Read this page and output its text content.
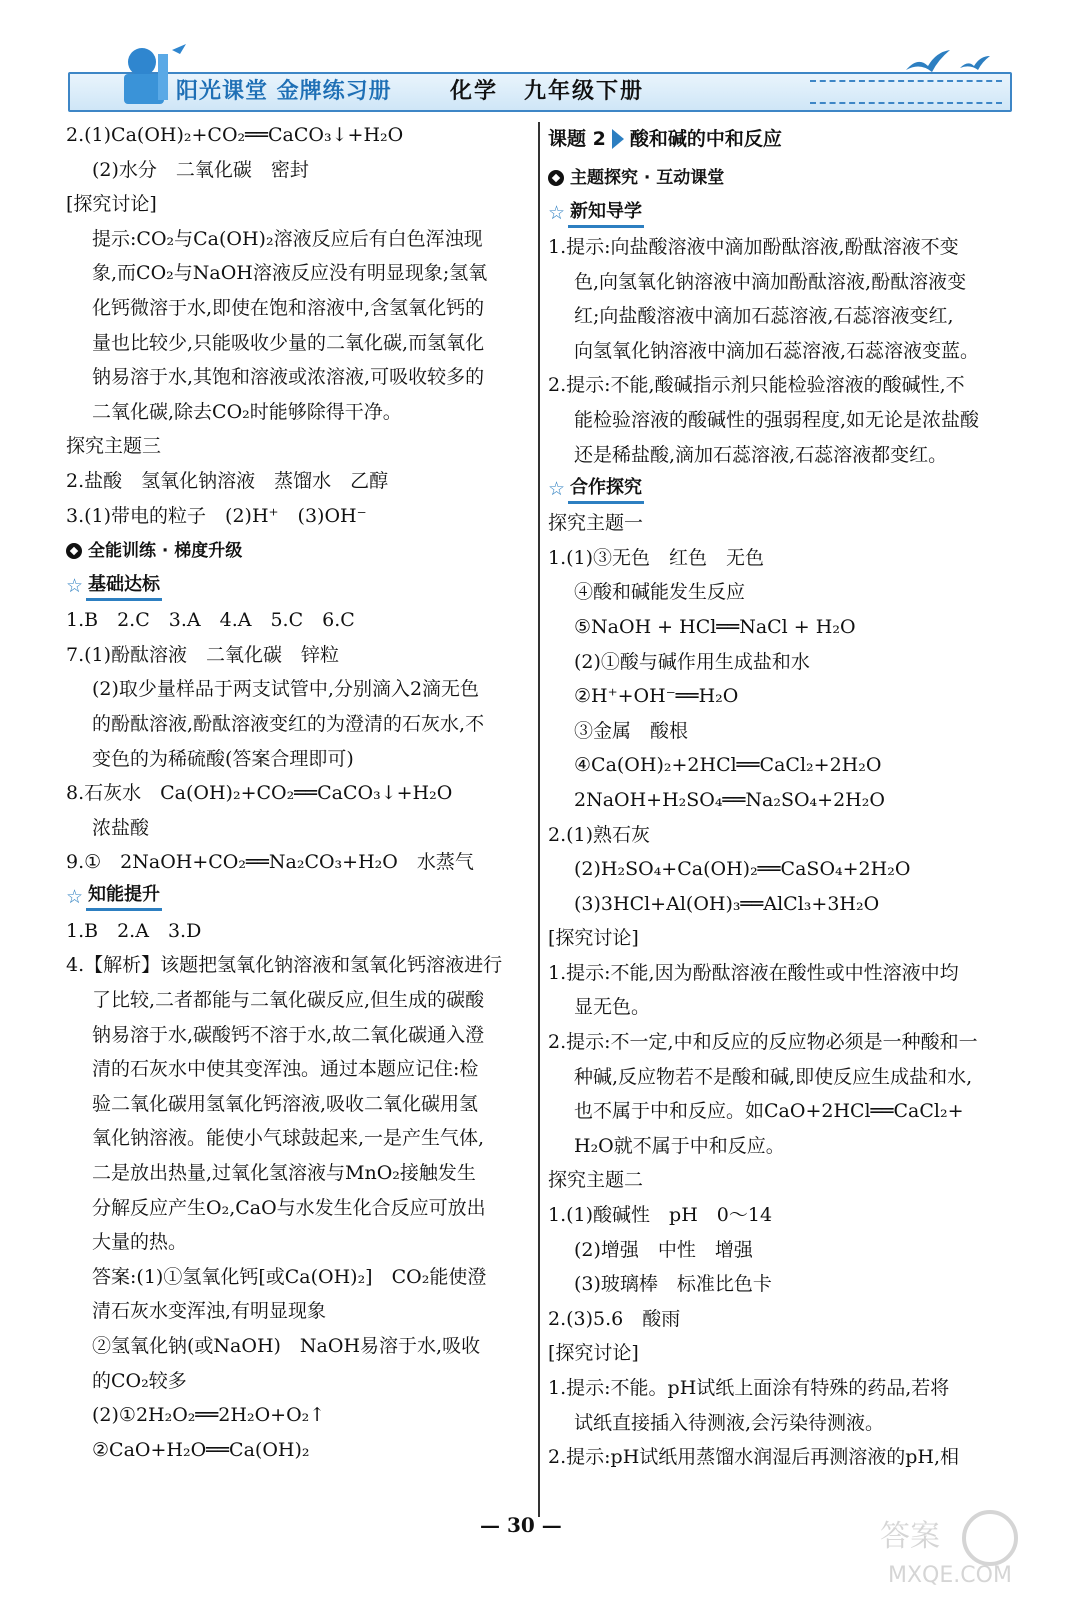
阳光课堂 金牌练习册	化学 九年级下册
2.(1)Ca(OH)₂+CO₂══CaCO₃↓+H₂O
(2)水分　二氧化碳　密封
[探究讨论]
提示:CO₂与Ca(OH)₂溶液反应后有白色浑浊现
象,而CO₂与NaOH溶液反应没有明显现象;氢氧
化钙微溶于水,即使在饱和溶液中,含氢氧化钙的
量也比较少,只能吸收少量的二氧化碳,而氢氧化
钠易溶于水,其饱和溶液或浓溶液,可吸收较多的
二氧化碳,除去CO₂时能够除得干净。
探究主题三
2.盐酸　氢氧化钠溶液　蒸馏水　乙醇
3.(1)带电的粒子　(2)H⁺　(3)OH⁻
全能训练 · 梯度升级
☆ 基础达标
1.B　2.C　3.A　4.A　5.C　6.C
7.(1)酚酞溶液　二氧化碳　锌粒
(2)取少量样品于两支试管中,分别滴入2滴无色
的酚酞溶液,酚酞溶液变红的为澄清的石灰水,不
变色的为稀硫酸(答案合理即可)
8.石灰水　Ca(OH)₂+CO₂══CaCO₃↓+H₂O
浓盐酸
9.①　2NaOH+CO₂══Na₂CO₃+H₂O　水蒸气
☆ 知能提升
1.B　2.A　3.D
4.【解析】该题把氢氧化钠溶液和氢氧化钙溶液进行
了比较,二者都能与二氧化碳反应,但生成的碳酸
钠易溶于水,碳酸钙不溶于水,故二氧化碳通入澄
清的石灰水中使其变浑浊。通过本题应记住:检
验二氧化碳用氢氧化钙溶液,吸收二氧化碳用氢
氧化钠溶液。能使小气球鼓起来,一是产生气体,
二是放出热量,过氧化氢溶液与MnO₂接触发生
分解反应产生O₂,CaO与水发生化合反应可放出
大量的热。
答案:(1)①氢氧化钙[或Ca(OH)₂]　CO₂能使澄
清石灰水变浑浊,有明显现象
②氢氧化钠(或NaOH)　NaOH易溶于水,吸收
的CO₂较多
(2)①2H₂O₂══2H₂O+O₂↑
②CaO+H₂O══Ca(OH)₂
课题 2 酸和碱的中和反应
主题探究 · 互动课堂
☆ 新知导学
1.提示:向盐酸溶液中滴加酚酞溶液,酚酞溶液不变
色,向氢氧化钠溶液中滴加酚酞溶液,酚酞溶液变
红;向盐酸溶液中滴加石蕊溶液,石蕊溶液变红,
向氢氧化钠溶液中滴加石蕊溶液,石蕊溶液变蓝。
2.提示:不能,酸碱指示剂只能检验溶液的酸碱性,不
能检验溶液的酸碱性的强弱程度,如无论是浓盐酸
还是稀盐酸,滴加石蕊溶液,石蕊溶液都变红。
☆ 合作探究
探究主题一
1.(1)③无色　红色　无色
④酸和碱能发生反应
⑤NaOH + HCl══NaCl + H₂O
(2)①酸与碱作用生成盐和水
②H⁺+OH⁻══H₂O
③金属　酸根
④Ca(OH)₂+2HCl══CaCl₂+2H₂O
2NaOH+H₂SO₄══Na₂SO₄+2H₂O
2.(1)熟石灰
(2)H₂SO₄+Ca(OH)₂══CaSO₄+2H₂O
(3)3HCl+Al(OH)₃══AlCl₃+3H₂O
[探究讨论]
1.提示:不能,因为酚酞溶液在酸性或中性溶液中均
显无色。
2.提示:不一定,中和反应的反应物必须是一种酸和一
种碱,反应物若不是酸和碱,即使反应生成盐和水,
也不属于中和反应。如CaO+2HCl══CaCl₂+
H₂O就不属于中和反应。
探究主题二
1.(1)酸碱性　pH　0～14
(2)增强　中性　增强
(3)玻璃棒　标准比色卡
2.(3)5.6　酸雨
[探究讨论]
1.提示:不能。pH试纸上面涂有特殊的药品,若将
试纸直接插入待测液,会污染待测液。
2.提示:pH试纸用蒸馏水润湿后再测溶液的pH,相
— 30 —	答案
MXQE.COM
